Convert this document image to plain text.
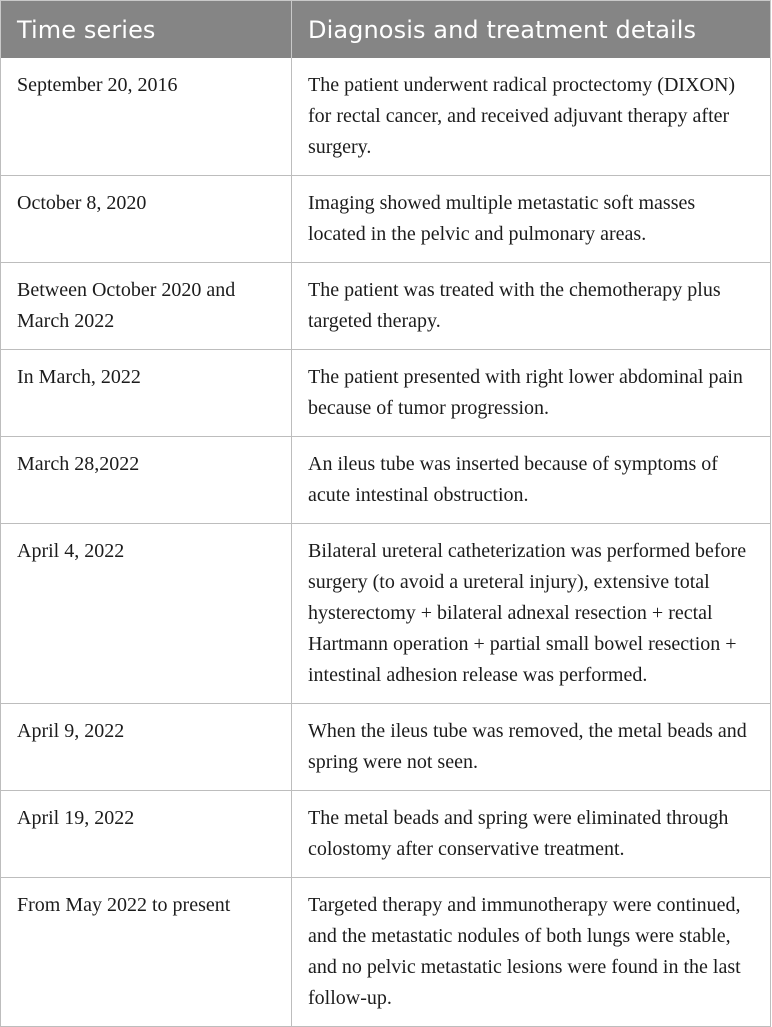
Time series	Diagnosis and treatment details
September 20, 2016	The patient underwent radical proctectomy (DIXON) for rectal cancer, and received adjuvant therapy after surgery.
October 8, 2020	Imaging showed multiple metastatic soft masses located in the pelvic and pulmonary areas.
Between October 2020 and March 2022	The patient was treated with the chemotherapy plus targeted therapy.
In March, 2022	The patient presented with right lower abdominal pain because of tumor progression.
March 28,2022	An ileus tube was inserted because of symptoms of acute intestinal obstruction.
April 4, 2022	Bilateral ureteral catheterization was performed before surgery (to avoid a ureteral injury), extensive total hysterectomy + bilateral adnexal resection + rectal Hartmann operation + partial small bowel resection + intestinal adhesion release was performed.
April 9, 2022	When the ileus tube was removed, the metal beads and spring were not seen.
April 19, 2022	The metal beads and spring were eliminated through colostomy after conservative treatment.
From May 2022 to present	Targeted therapy and immunotherapy were continued, and the metastatic nodules of both lungs were stable, and no pelvic metastatic lesions were found in the last follow-up.
